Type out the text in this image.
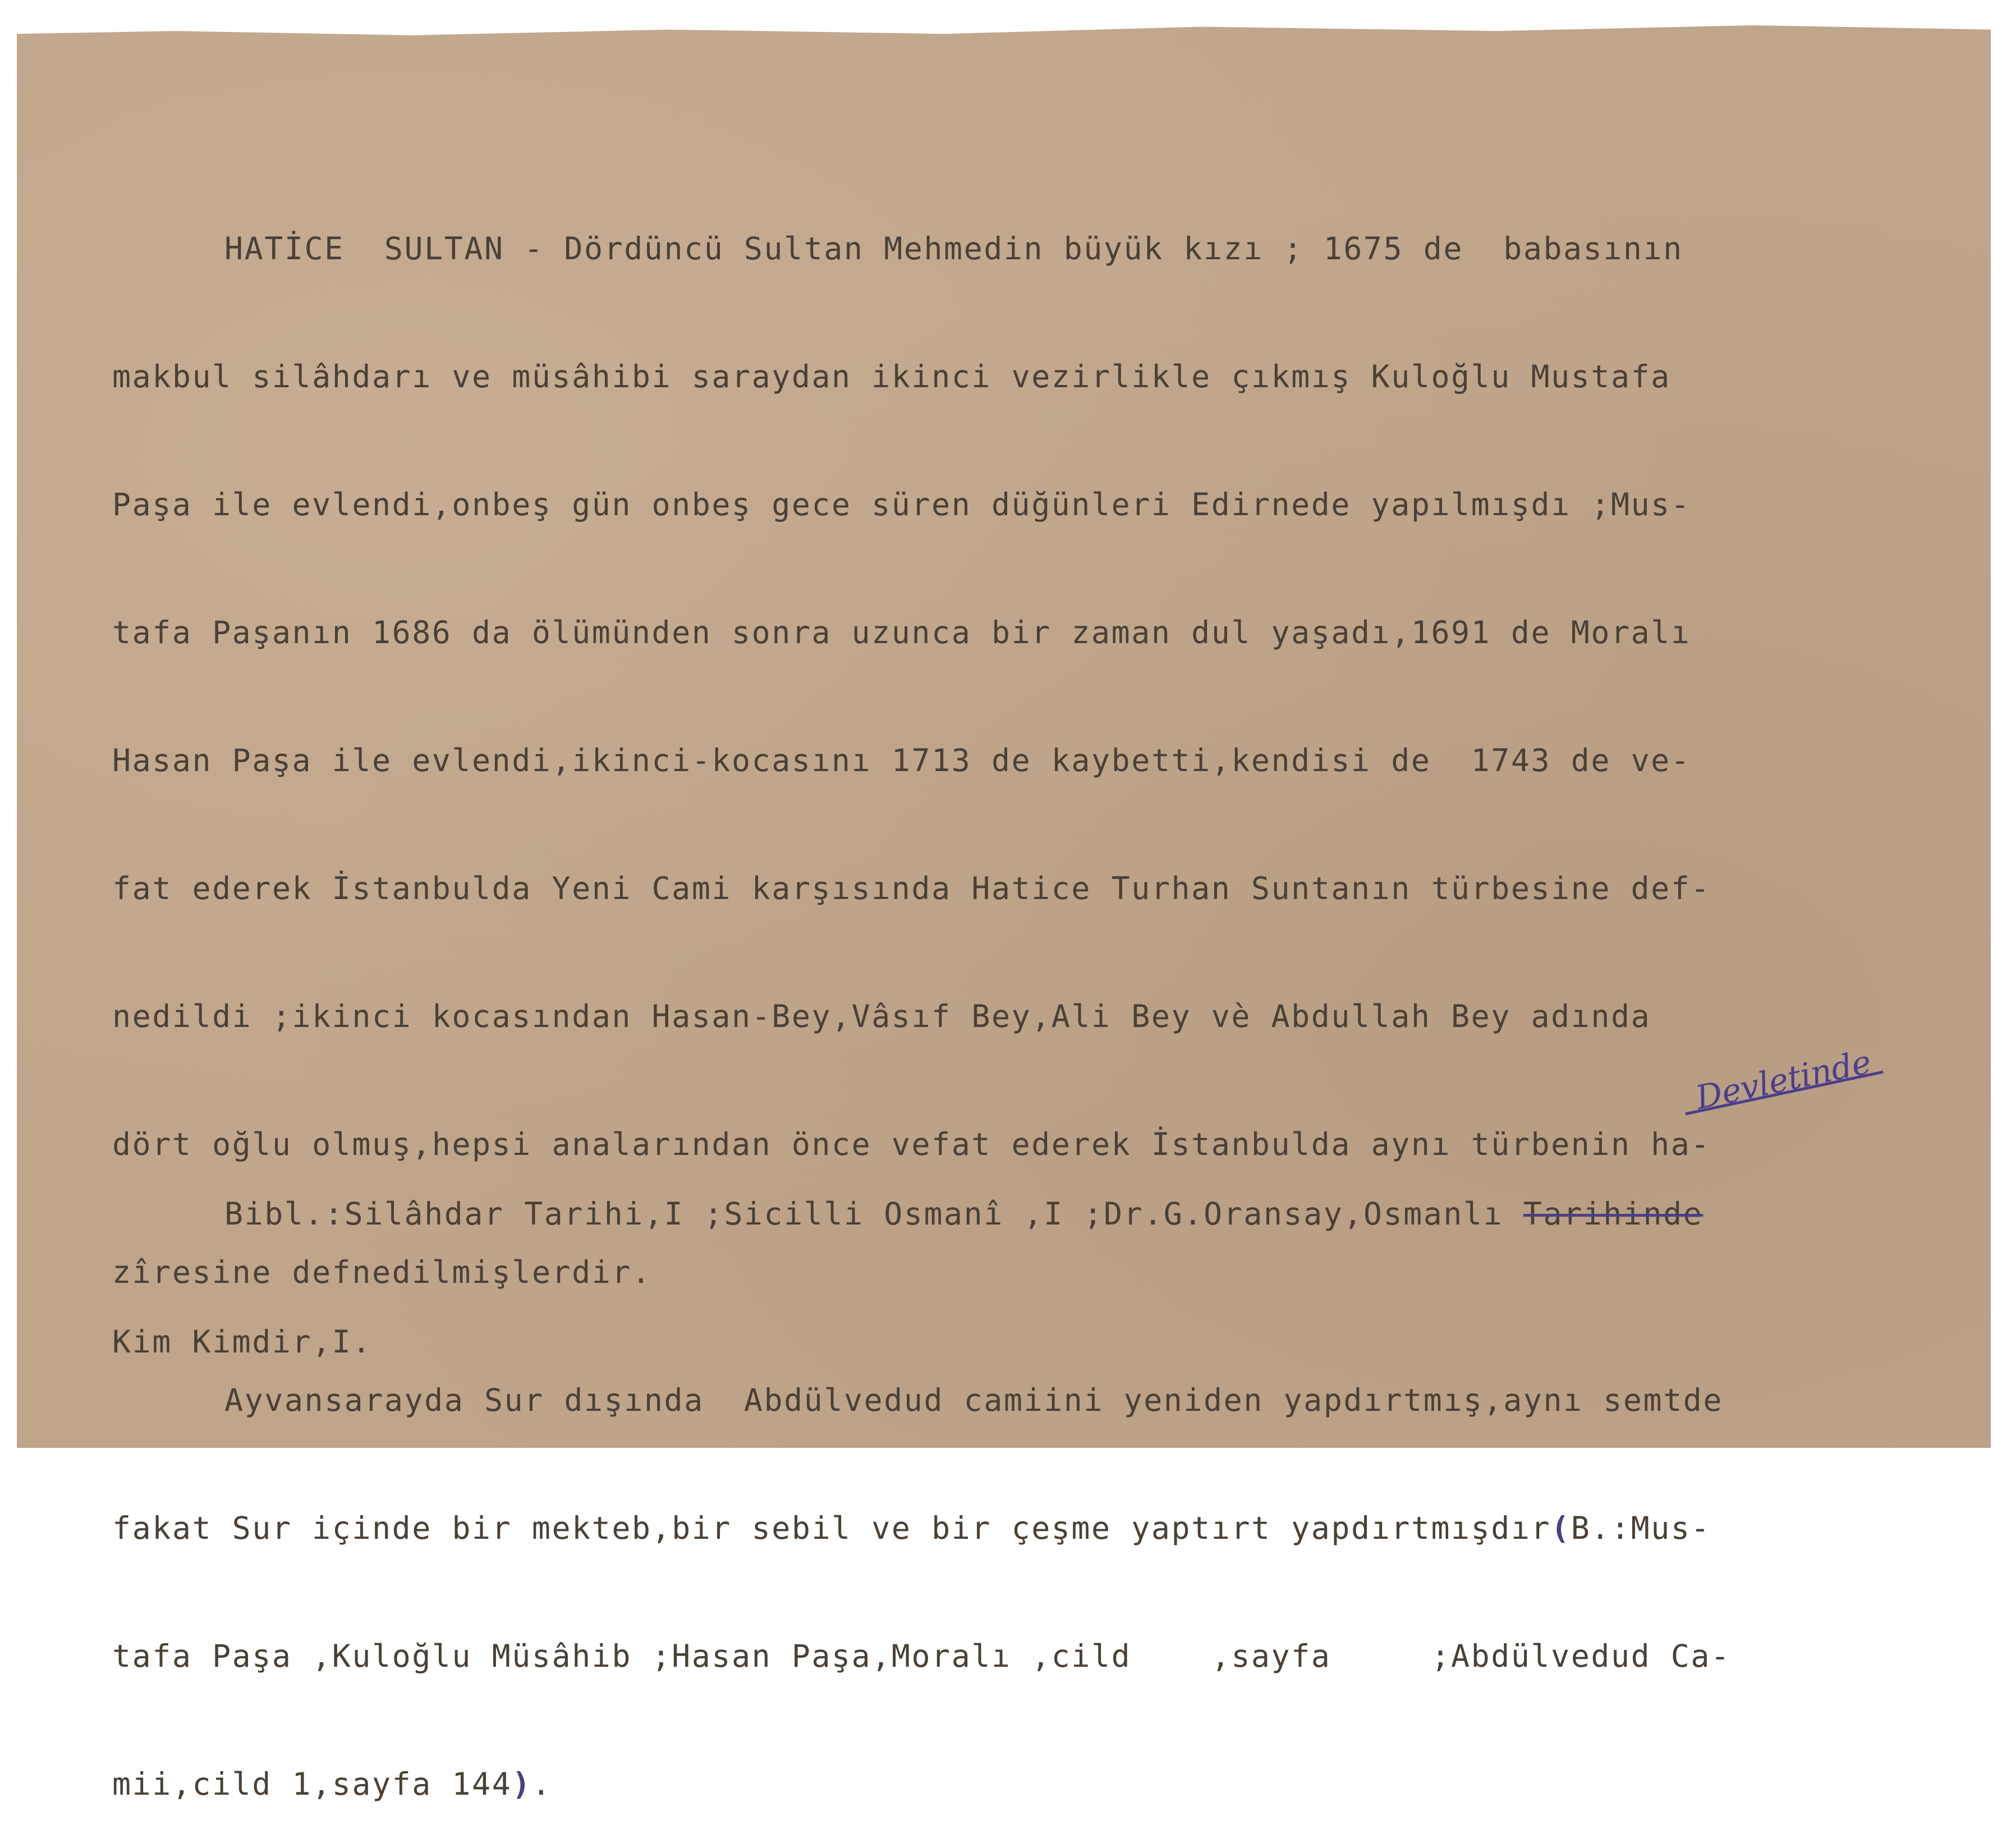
HATİCE  SULTAN - Dördüncü Sultan Mehmedin büyük kızı ; 1675 de  babasının

makbul silâhdarı ve müsâhibi saraydan ikinci vezirlikle çıkmış Kuloğlu Mustafa

Paşa ile evlendi,onbeş gün onbeş gece süren düğünleri Edirnede yapılmışdı ;Mus-

tafa Paşanın 1686 da ölümünden sonra uzunca bir zaman dul yaşadı,1691 de Moralı

Hasan Paşa ile evlendi,ikinci-kocasını 1713 de kaybetti,kendisi de  1743 de ve-

fat ederek İstanbulda Yeni Cami karşısında Hatice Turhan Suntanın türbesine def-

nedildi ;ikinci kocasından Hasan-Bey,Vâsıf Bey,Ali Bey vè Abdullah Bey adında

dört oğlu olmuş,hepsi analarından önce vefat ederek İstanbulda aynı türbenin ha-

zîresine defnedilmişlerdir.

Ayvansarayda Sur dışında  Abdülvedud camiini yeniden yapdırtmış,aynı semtde

fakat Sur içinde bir mekteb,bir sebil ve bir çeşme yaptırt yapdırtmışdır(B.:Mus-

tafa Paşa ,Kuloğlu Müsâhib ;Hasan Paşa,Moralı ,cild    ,sayfa     ;Abdülvedud Ca-

mii,cild 1,sayfa 144).

Bibl.:Silâhdar Tarihi,I ;Sicilli Osmanî ,I ;Dr.G.Oransay,Osmanlı Tarihinde

Kim Kimdir,I.

Devletinde
